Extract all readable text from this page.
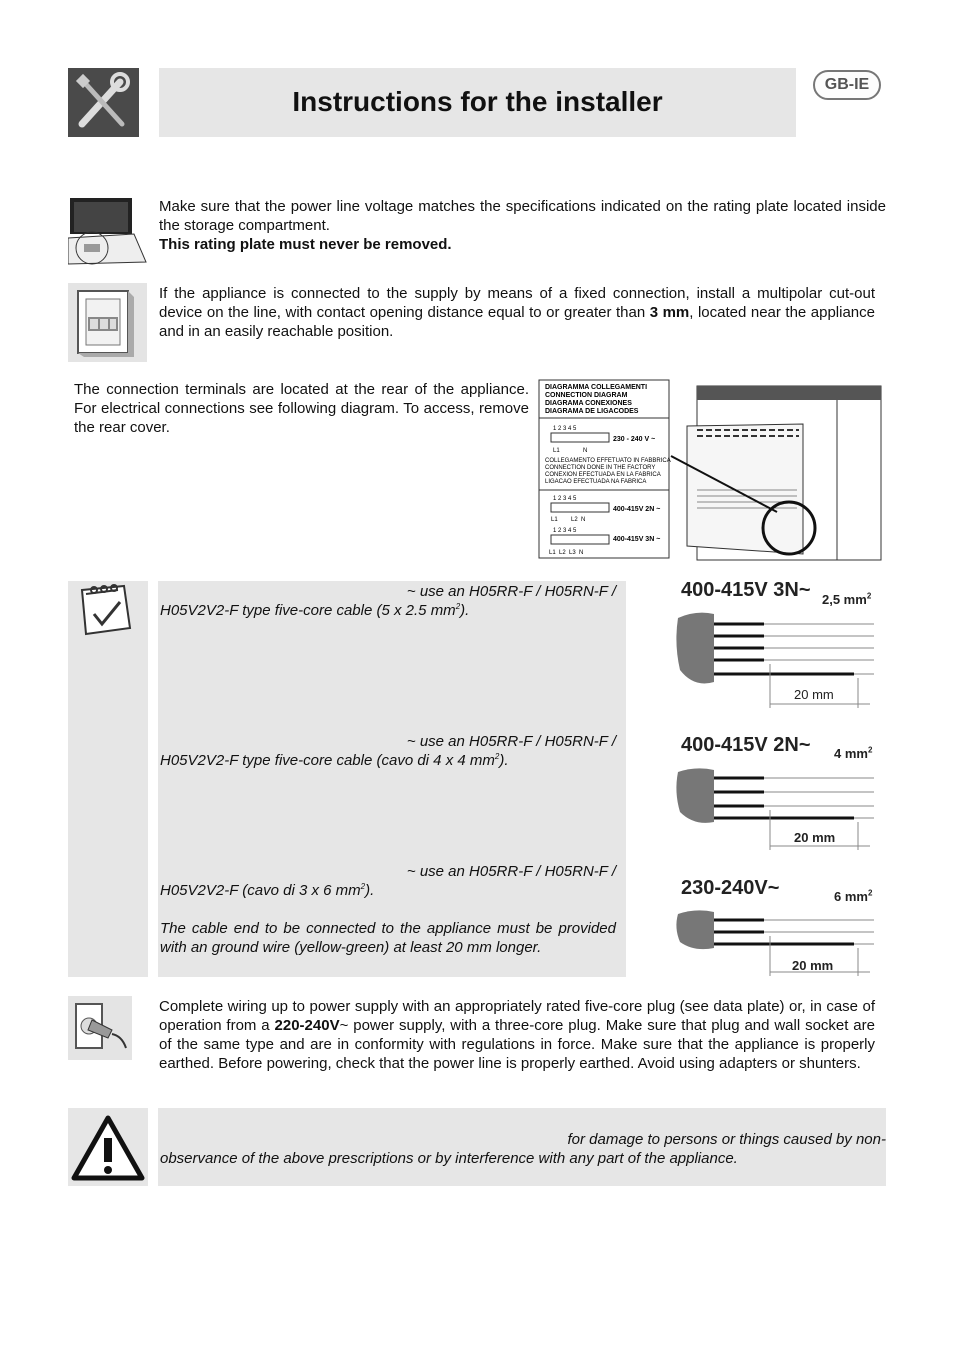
Instructions for the installer
GB-IE
Make sure that the power line voltage matches the specifications indicated on the rating plate located inside the storage compartment.
This rating plate must never be removed.
If the appliance is connected to the supply by means of a fixed connection, install a multipolar cut-out device on the line, with contact opening distance equal to or greater than 3 mm, located near the appliance and in an easily reachable position.
The connection terminals are located at the rear of the appliance. For electrical connections see following diagram. To access, remove the rear cover.
DIAGRAMMA COLLEGAMENTI
CONNECTION DIAGRAM
DIAGRAMA CONEXIONES
DIAGRAMA DE LIGACODES
1 2 3 4 5
230 - 240 V ~
L1	N
COLLEGAMENTO EFFETUATO IN FABBRICA
CONNECTION DONE IN THE FACTORY
CONEXION EFECTUADA EN LA FABRICA
LIGACAO EFECTUADA NA FABRICA
1 2 3 4 5
400-415V 2N ~
L1 L2 N
1 2 3 4 5
400-415V 3N ~
L1 L2 L3 N
~ use an H05RR-F / H05RN-F /
H05V2V2-F type five-core cable (5 x 2.5 $mm^2$).
~ use an H05RR-F / H05RN-F /
H05V2V2-F type five-core cable (cavo di 4 x 4 $mm^2$).
~ use an H05RR-F / H05RN-F /
H05V2V2-F (cavo di 3 x 6 $mm^2$).
The cable end to be connected to the appliance must be provided with an ground wire (yellow-green) at least 20 mm longer.
400-415V 3N~ 2,5 $mm^2$
20 mm
400-415V 2N~ 4 $mm^2$
20 mm
230-240V~	6 $mm^2$
20 mm
Complete wiring up to power supply with an appropriately rated five-core plug (see data plate) or, in case of operation from a 220-240V~ power supply, with a three-core plug. Make sure that plug and wall socket are of the same type and are in conformity with regulations in force. Make sure that the appliance is properly earthed. Before powering, check that the power line is properly earthed. Avoid using adapters or shunters.
for damage to persons or things caused by non-
observance of the above prescriptions or by interference with any part of the appliance.
